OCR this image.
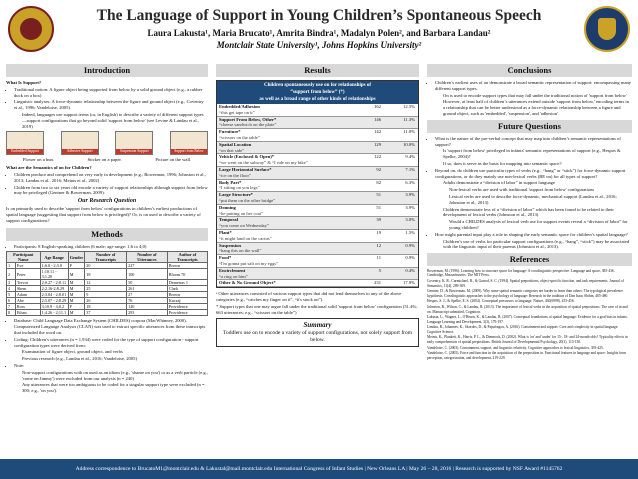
The Language of Support in Young Children’s Spontaneous Speech
Laura Lakusta¹, Maria Brucato¹, Amrita Bindra¹, Madalyn Polen², and Barbara Landau²
Montclair State University¹, Johns Hopkins University²
Introduction

What Is Support?

• Traditional notion: A figure object being supported from below by a solid ground object (e.g., a rubber duck on a box)
• Linguistic analyses: A force-dynamic relationship between the figure and ground object (e.g., Coventry et al., 1996; Vandeloise, 2005).
Indeed, languages use support terms (or, in English) to describe a variety of different support types—support configurations that go beyond solid 'support from below' (see Levine & Landau et al., 2019)
Embedded Support	Adhesive Support	Suspension Support	Support from Below
Flower on a bun.	Sticker on a paper.	Picture on the wall.

What are the Semantics of on for Children?

• Children produce and comprehend on very early in development (e.g., Bowerman, 1996; Johnston et al., 2013; Landau et al., 2016; Meints et al., 2002)
• Children from two to six years old encode a variety of support relationships although support from below may be privileged (Gentner & Bowerman, 2009).

Our Research Question

Is on primarily used to describe 'support from below' configurations in children’s earliest productions of spatial language (suggesting that support from below is privileged)? Or, is on used to describe a variety of support configurations?

Methods
• Participants: 8 English-speaking children (6 male; age range: 1;6 to 4;0)
Participant Name		Age Range	Gender	Number of Transcripts	Number of Utterances	Author of Transcripts
1	Eve	1;6.0 - 2;3.0	F	20	227	Brown
2	Peter	1;10.11 - 3;1.20	M	18	100	Bloom 70
3	Trevor	2;0.27 - 2;8.11	M	12	50	Demetras 1
4	Shem	2;2.16-2;8.29	M	25	261	Clark
5	Adam	2;3.04 - 2;8.01	M	9	27	Brown
6	Abe	2;5.07 - 2;8.29	M	26	76	Kuczaj
7	Ross	3;10.9 - 4;0.2	F	18	120	Providence
8	Ethan	1;4.26 - 2;11.1	M	37	293	Providence
• Database: Child Language Data Exchange System (CHILDES) corpora (MacWhinney, 2000), Computerized Language Analysis (CLAN) was used to extract specific utterances from these transcripts that included the word on.
• Coding: Children’s utterances (n = 1,934) were coded for the type of support configuration - support configuration types were derived from:
Examination of figure object, ground object, and verbs
Previous research (e.g., Landau et al., 2016; Vandeloise, 2005)
• Note:
Non-support configurations with on used as an idiom (e.g., 'shame on you') or as a verb particle (e.g., 'come on Jimmy') were excluded from our analysis (n = 240)
Any utterances that were too ambiguous to be coded for a singular support type were excluded (n = 300; e.g., 'on you').
Results
Children spontaneously use on for relationships of
“support from below” (*)
as well as a broad range of other kinds of relationships
Embedded/Adhesion
“this get tape on it”
162	12.5%
Support From Below, Other*
“cheese sandwich on the plate”
146	11.3%
Furniture*
“scissors on the table”
142	11.0%
Spatial Location
“on that side”
129	10.0%
Vehicle (Enclosed & Open)*
“we went on the subway” & “I ride on my bike”
122	9.4%
Large Horizontal Surface*
“ice on the floor”
92	7.1%
Body Part*
“I sitting on you legs”
82	6.3%
Large Structure*
“put them on the other bridge”
51	3.9%
Donning
“he putting on her coat”
51	3.9%
Temporal
“you come on Wednesday”
39	3.0%
Plant*
“it might land on the cactus”
19	1.5%
Suspension
“hang this on the wall”
12	0.9%
Food*
“I'm gonna put salt on my eggs”
11	0.9%
Encirclement
“a ring on him”
5	0.4%
Other & No Ground Object*	231	17.9%

ᵃ Other utterances consisted of various support types that did not lend themselves to any of the above categories (e.g., “catches my finger on it”, “it's stuck on”).

* Support types that one may argue fall under the traditional solid 'support from below' configuration (51.4%; 663 utterances; e.g., “scissors on the table”)

Summary
Toddlers use on to encode a variety of support configurations, not solely support from below.
Conclusions
• Children’s earliest uses of on demonstrate a broad semantic representation of support: encompassing many different support types.
On is used to encode support types that may fall under the traditional notion of 'support from below'
However, at least half of children’s utterances extend outside 'support from below,' encoding terms in a relationship that can be better understood as a force-dynamic relationship between a figure and ground object, such as 'embedded', 'suspension', and 'adhesion'.
Future Questions
• What is the nature of the pre-verbal concept that may map into children’s semantic representations of support?
Is 'support from below' privileged in infants' semantic representations of support (e.g., Hespos & Spelke, 2004)?
If so, does it serve as the basis for mapping into semantic space?
• Beyond on, do children use particular types of verbs (e.g., “hang” or “stick”) for force-dynamic support configurations, or do they mainly use non-lexical verbs (BE on) for all types of support?
Adults demonstrate a “division of labor” in support language
Non-lexical verbs are used with traditional 'support from below' configurations
Lexical verbs are used to describe force-dynamic, mechanical support (Landau et al., 2016; Johnston et al., 2013)
Children demonstrate less of a “division of labor” which has been found to be related to their development of lexical verbs (Johnston et al., 2013)
Would a CHILDES analysis of lexical verb use for support events reveal a “division of labor” for young children?
• How might parental input play a role in shaping the early semantic space for children’s spatial language?
Children’s use of verbs for particular support configurations (e.g., “hang”, “stick”) may be associated with the linguistic input of their parents (Johnston et al., 2013).
References
Bowerman, M. (1996). Learning how to structure space for language: A crosslinguistic perspective. Language and space, 385-436. Cambridge, Massachusetts: The MIT Press.
Coventry, K. R., Carmichael, R., & Garrod, S. C. (1994). Spatial prepositions, object-specific function, and task requirements. Journal of Semantics, 11(4), 289-309.
Gentner, D., & Bowerman, M. (2009). Why some spatial semantic categories are harder to learn than others: The typological prevalence hypothesis. Crosslinguistic approaches to the psychology of language: Research in the tradition of Dan Isaac Slobin, 465-480.
Hespos, S. J., & Spelke, E. S. (2004). Conceptual precursors to language. Nature, 430(6998), 453-456.
Johnston, R., Wilson, C., & Landau, B. (2013). The importance of lexical verbs in the acquisition of spatial prepositions: The case of in and on. Manuscript submitted, Cognition.
Lakusta, L., Wagner, L., O'Hearn, K., & Landau, B. (2007). Conceptual foundations of spatial language: Evidence for a goal bias in infants. Language Learning and Development, 3(3), 179-197.
Landau, B., Johannes, K., Skordos, D., & Papafragou, A. (2016). Containment and support: Core and complexity in spatial language. Cognitive Science.
Meints, K., Plunkett, K., Harris, P. L., & Dimmock, D. (2002). What is 'on' and 'under' for 15-, 18- and 24-month-olds? Typicality effects in early comprehension of spatial prepositions. British Journal of Developmental Psychology, 20(1), 113-130.
Vandeloise, C. (2003). Containment, support, and linguistic relativity. Cognitive approaches to lexical linguistics, 393-425.
Vandeloise, C. (2005). Force and function in the acquisition of the preposition in. Functional features in language and space: Insights from perception, categorization, and development, 219-229.
Address correspondence to BrucatoM1@montclair.edu & Lakustal@mail.montclair.edu International Congress of Infant Studies | New Orleans LA | May 26 – 28, 2016 | Research is supported by NSF Award #1145762
